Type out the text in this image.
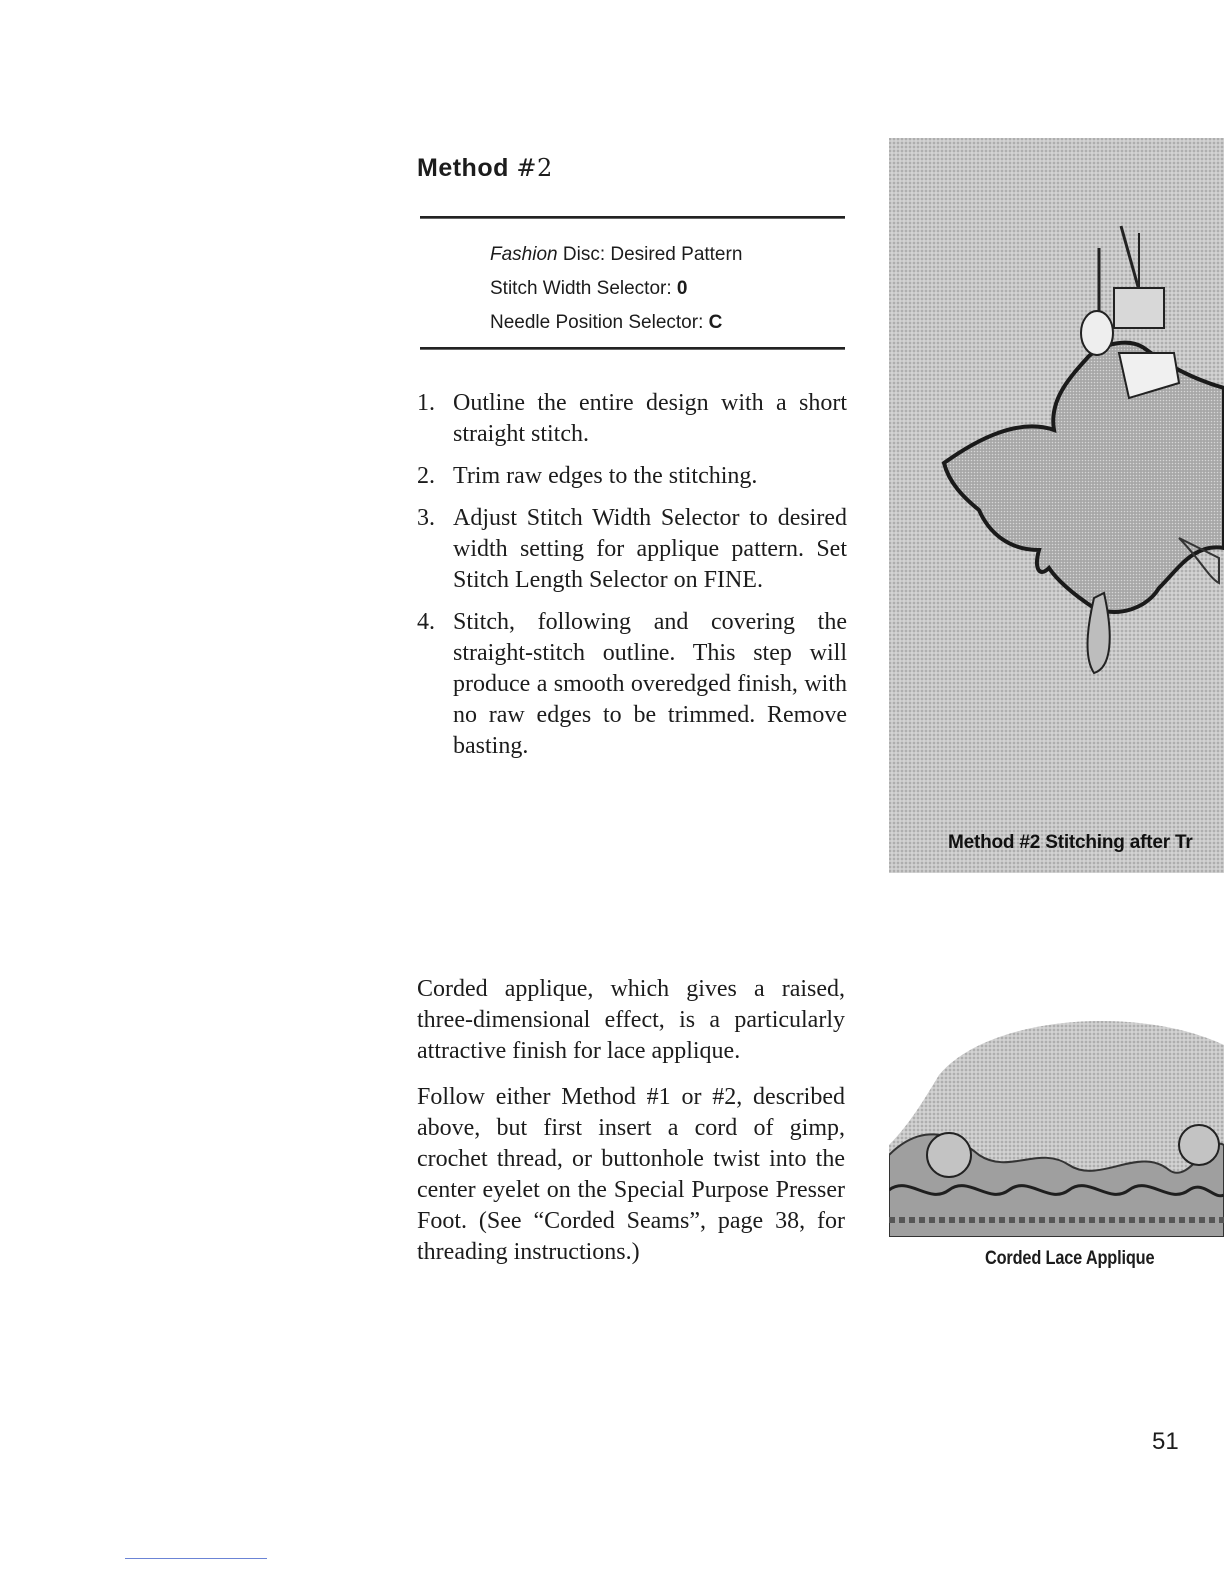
Method #2
Fashion Disc: Desired Pattern
Stitch Width Selector: 0
Needle Position Selector: C
1. Outline the entire design with a short straight stitch.
2. Trim raw edges to the stitching.
3. Adjust Stitch Width Selector to desired width setting for applique pattern. Set Stitch Length Selector on FINE.
4. Stitch, following and covering the straight-stitch outline. This step will produce a smooth overedged finish, with no raw edges to be trimmed. Remove basting.

Corded applique, which gives a raised, three-dimensional effect, is a particularly attractive finish for lace applique.

Follow either Method #1 or #2, described above, but first insert a cord of gimp, crochet thread, or buttonhole twist into the center eyelet on the Special Purpose Presser Foot. (See “Corded Seams”, page 38, for threading instructions.)

Method #2 Stitching after Tr
Corded Lace Applique
51
